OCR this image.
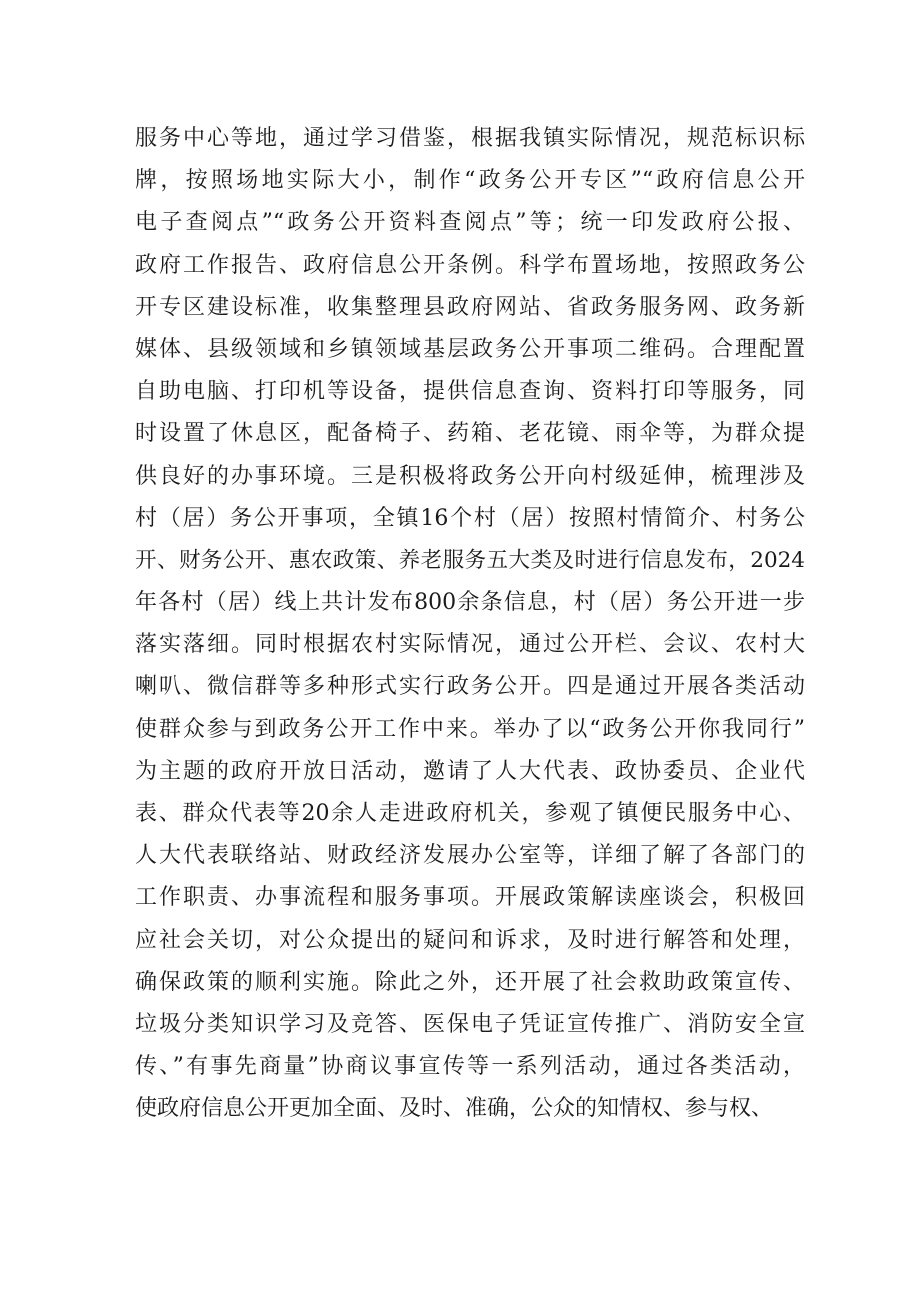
服务中心等地，通过学习借鉴，根据我镇实际情况，规范标识标
牌，按照场地实际大小，制作“政务公开专区”“政府信息公开
电子查阅点”“政务公开资料查阅点”等；统一印发政府公报、
政府工作报告、政府信息公开条例。科学布置场地，按照政务公
开专区建设标准，收集整理县政府网站、省政务服务网、政务新
媒体、县级领域和乡镇领域基层政务公开事项二维码。合理配置
自助电脑、打印机等设备，提供信息查询、资料打印等服务，同
时设置了休息区，配备椅子、药箱、老花镜、雨伞等，为群众提
供良好的办事环境。三是积极将政务公开向村级延伸，梳理涉及
村（居）务公开事项，全镇16个村（居）按照村情简介、村务公
开、财务公开、惠农政策、养老服务五大类及时进行信息发布，2024
年各村（居）线上共计发布800余条信息，村（居）务公开进一步
落实落细。同时根据农村实际情况，通过公开栏、会议、农村大
喇叭、微信群等多种形式实行政务公开。四是通过开展各类活动
使群众参与到政务公开工作中来。举办了以“政务公开你我同行”
为主题的政府开放日活动，邀请了人大代表、政协委员、企业代
表、群众代表等20余人走进政府机关，参观了镇便民服务中心、
人大代表联络站、财政经济发展办公室等，详细了解了各部门的
工作职责、办事流程和服务事项。开展政策解读座谈会，积极回
应社会关切，对公众提出的疑问和诉求，及时进行解答和处理，
确保政策的顺利实施。除此之外，还开展了社会救助政策宣传、
垃圾分类知识学习及竞答、医保电子凭证宣传推广、消防安全宣
传、”有事先商量”协商议事宣传等一系列活动，通过各类活动，
使政府信息公开更加全面、及时、准确，公众的知情权、参与权、
